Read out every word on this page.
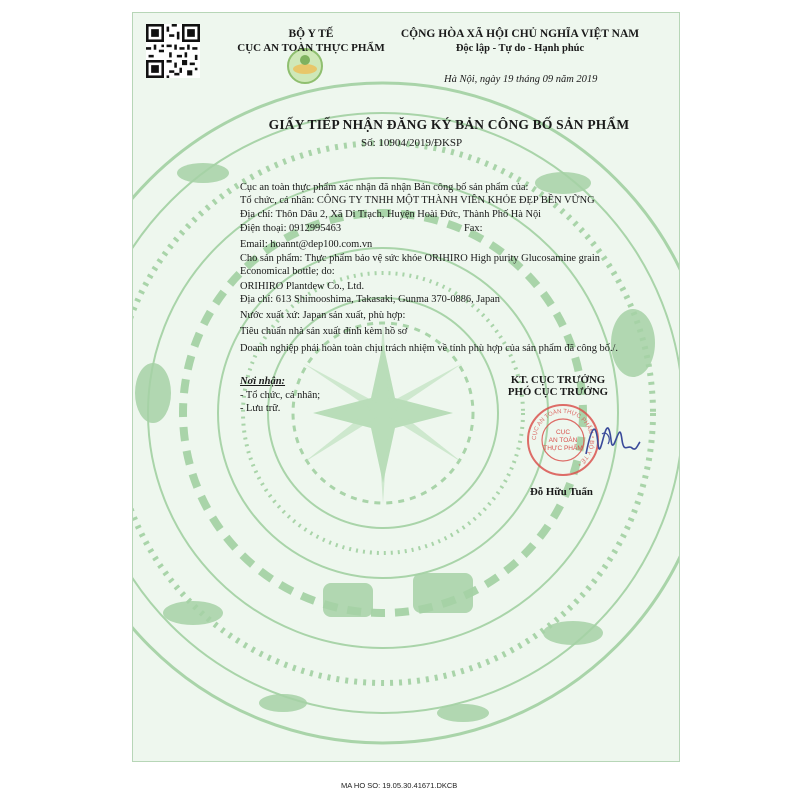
BỘ Y TẾ
CỤC AN TOÀN THỰC PHẨM
CỘNG HÒA XÃ HỘI CHỦ NGHĨA VIỆT NAM
Độc lập - Tự do - Hạnh phúc
Hà Nội, ngày 19 tháng 09 năm 2019
GIẤY TIẾP NHẬN ĐĂNG KÝ BẢN CÔNG BỐ SẢN PHẨM
Số: 10904/2019/ĐKSP
Cục an toàn thực phẩm xác nhận đã nhận Bản công bố sản phẩm của:
Tổ chức, cá nhân: CÔNG TY TNHH MỘT THÀNH VIÊN KHỎE ĐẸP BỀN VỮNG
Địa chỉ: Thôn Dâu 2, Xã Di Trạch, Huyện Hoài Đức, Thành Phố Hà Nội
Điện thoại: 0912995463	Fax:
Email: hoannt@dep100.com.vn
Cho sản phẩm: Thực phẩm bảo vệ sức khỏe ORIHIRO High purity Glucosamine grain
Economical bottle; do:
ORIHIRO Plantdew Co., Ltd.
Địa chỉ: 613 Shimooshima, Takasaki, Gunma 370-0886, Japan
Nước xuất xứ: Japan sản xuất, phù hợp:
Tiêu chuẩn nhà sản xuất đính kèm hồ sơ
Doanh nghiệp phải hoàn toàn chịu trách nhiệm về tính phù hợp của sản phẩm đã công bố./.
Nơi nhận:
- Tổ chức, cá nhân;
- Lưu trữ.
KT. CỤC TRƯỞNG
PHÓ CỤC TRƯỞNG
CỤC AN TOÀN THỰC PHẨM * BỘ Y TẾ *
CỤC
AN TOÀN
THỰC PHẨM
Đỗ Hữu Tuấn
MA HO SO: 19.05.30.41671.DKCB
